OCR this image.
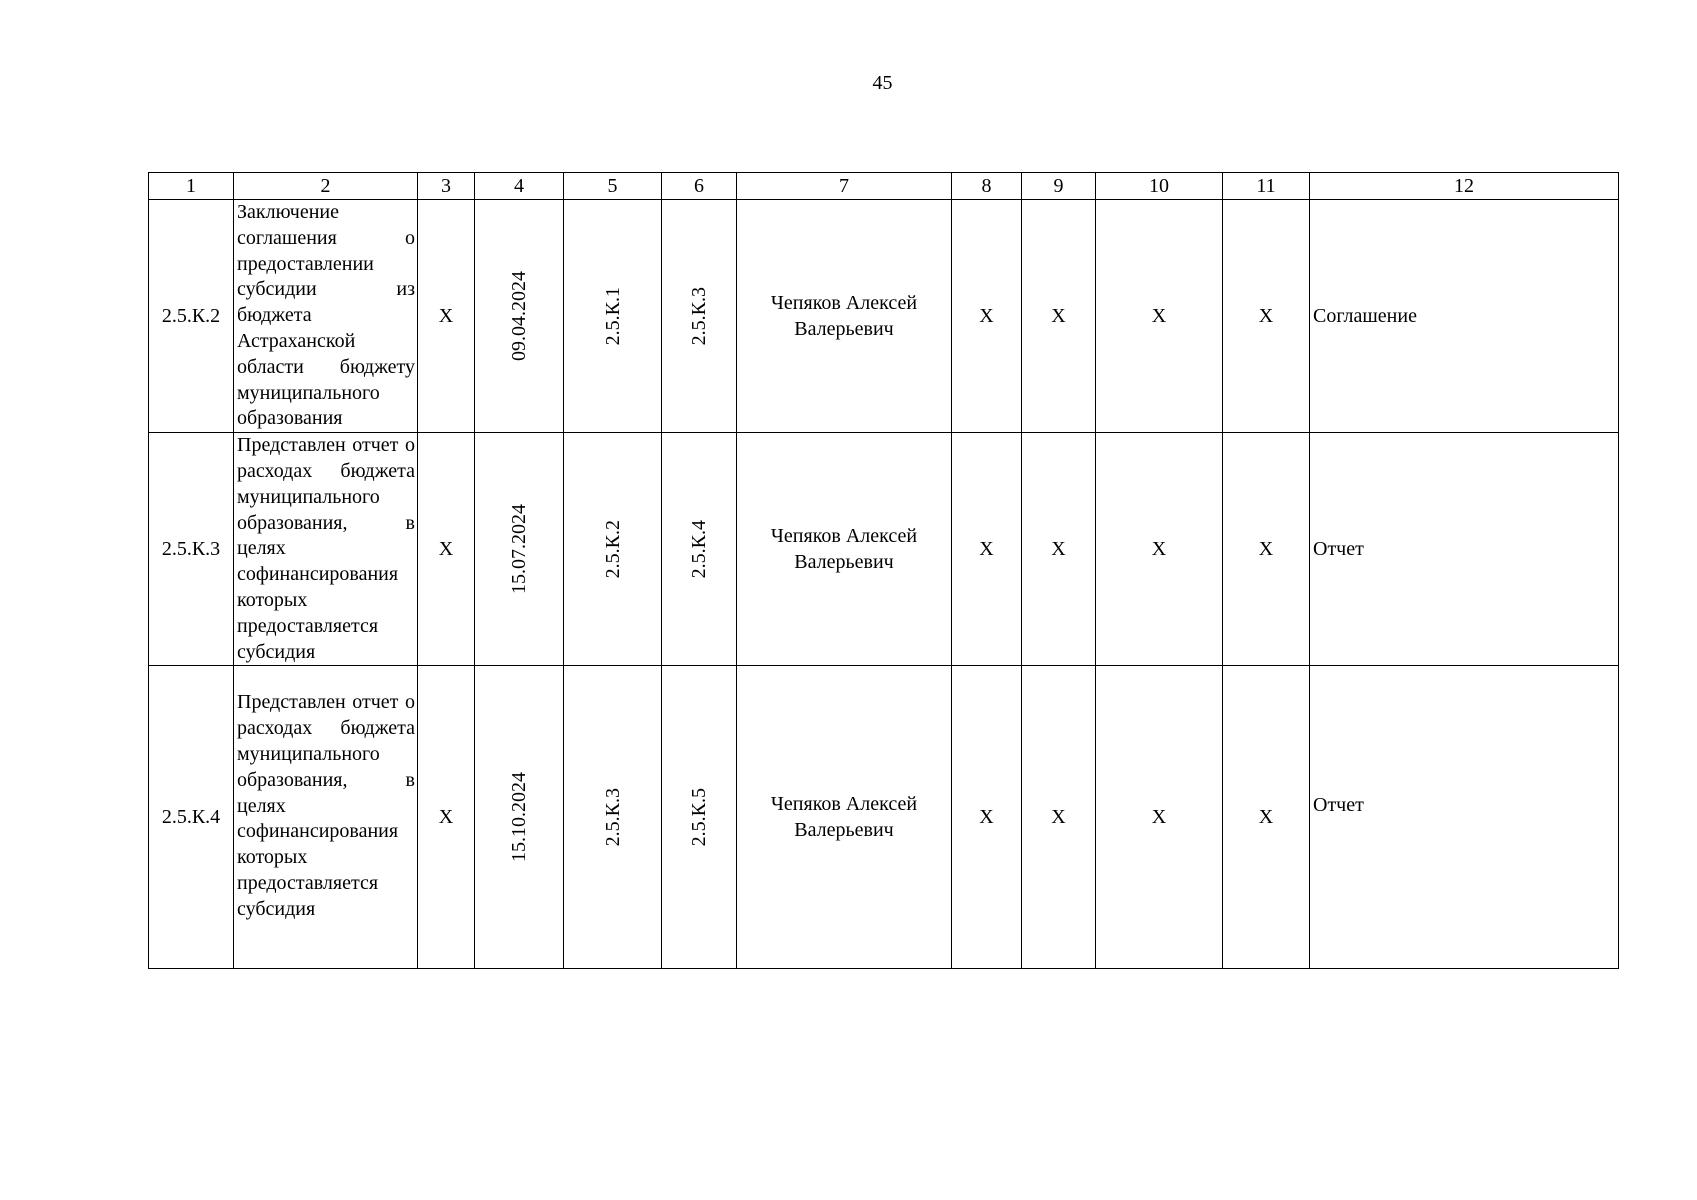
45
1	2	3	4	5	6	7	8	9	10	11	12
2.5.К.2	Заключение соглашения о предоставлении субсидии из бюджета Астраханской области бюджету муниципального образования	X	09.04.2024	2.5.К.1	2.5.К.3	Чепяков Алексей Валерьевич	X	X	X	X	Соглашение
2.5.К.3	Представлен отчет о расходах бюджета муниципального образования, в целях софинансирования которых предоставляется субсидия	X	15.07.2024	2.5.К.2	2.5.К.4	Чепяков Алексей Валерьевич	X	X	X	X	Отчет
2.5.К.4	Представлен отчет о расходах бюджета муниципального образования, в целях софинансирования которых предоставляется субсидия	X	15.10.2024	2.5.К.3	2.5.К.5	Чепяков Алексей Валерьевич	X	X	X	X	Отчет
